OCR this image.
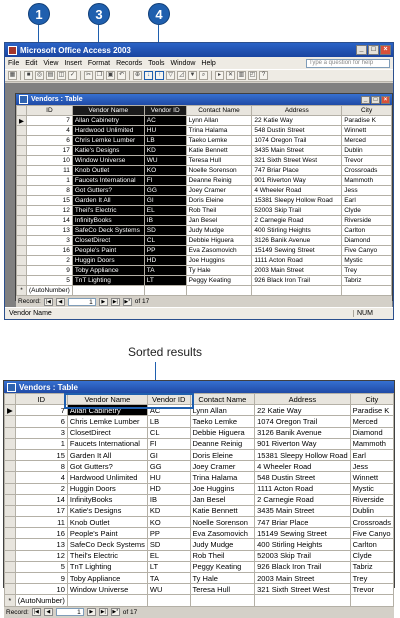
1	3	4
Microsoft Office Access 2003	_	□	×
File Edit View Insert Format Records Tools Window Help	Type a question for help
▦	■	◎ ▤ ◫ ✓	✂ ❐ ▣ ↶	⊕	↓	↑	▽	◿ ▼	⌕	▸	✕ ▥ ◰	?
Vendors : Table	_	□	×
	ID	Vendor Name	Vendor ID	Contact Name	Address	City
▶	7	Allan Cabinetry	AC	Lynn Allan	22 Katie Way	Paradise K
	4	Hardwood Unlimited	HU	Trina Halama	548 Dustin Street	Winnett
	6	Chris Lemke Lumber	LB	Taeko Lemke	1074 Oregon Trail	Merced
	17	Katie's Designs	KD	Katie Bennett	3435 Main Street	Dublin
	10	Window Universe	WU	Teresa Hull	321 Sixth Street West	Trevor
	11	Knob Outlet	KO	Noelle Sorenson	747 Briar Place	Crossroads
	1	Faucets International	FI	Deanne Reinig	901 Riverton Way	Mammoth
	8	Got Gutters?	GG	Joey Cramer	4 Wheeler Road	Jess
	15	Garden It All	GI	Doris Eleine	15381 Sleepy Hollow Road	Earl
	12	Theil's Electric	EL	Rob Theil	52003 Skip Trail	Clyde
	14	InfinityBooks	IB	Jan Besel	2 Carnegie Road	Riverside
	13	SafeCo Deck Systems	SD	Judy Mudge	400 Stirling Heights	Carlton
	3	ClosetDirect	CL	Debbie Higuera	3126 Banik Avenue	Diamond
	16	People's Paint	PP	Eva Zasomovich	15149 Sewing Street	Five Canyo
	2	Huggin Doors	HD	Joe Huggins	1111 Acton Road	Mystic
	9	Toby Appliance	TA	Ty Hale	2003 Main Street	Trey
	5	TnT Lighting	LT	Peggy Keating	926 Black Iron Trail	Tabriz
*	(AutoNumber)					
Record: |◀	◀	1	▶	▶|	▶* of 17
Vendor Name	NUM
Sorted results
Vendors : Table
	ID	Vendor Name	Vendor ID	Contact Name	Address	City
▶	7	Allan Cabinetry	AC	Lynn Allan	22 Katie Way	Paradise K
	6	Chris Lemke Lumber	LB	Taeko Lemke	1074 Oregon Trail	Merced
	3	ClosetDirect	CL	Debbie Higuera	3126 Banik Avenue	Diamond
	1	Faucets International	FI	Deanne Reinig	901 Riverton Way	Mammoth
	15	Garden It All	GI	Doris Eleine	15381 Sleepy Hollow Road	Earl
	8	Got Gutters?	GG	Joey Cramer	4 Wheeler Road	Jess
	4	Hardwood Unlimited	HU	Trina Halama	548 Dustin Street	Winnett
	2	Huggin Doors	HD	Joe Huggins	1111 Acton Road	Mystic
	14	InfinityBooks	IB	Jan Besel	2 Carnegie Road	Riverside
	17	Katie's Designs	KD	Katie Bennett	3435 Main Street	Dublin
	11	Knob Outlet	KO	Noelle Sorenson	747 Briar Place	Crossroads
	16	People's Paint	PP	Eva Zasomovich	15149 Sewing Street	Five Canyo
	13	SafeCo Deck Systems	SD	Judy Mudge	400 Stirling Heights	Carlton
	12	Theil's Electric	EL	Rob Theil	52003 Skip Trail	Clyde
	5	TnT Lighting	LT	Peggy Keating	926 Black Iron Trail	Tabriz
	9	Toby Appliance	TA	Ty Hale	2003 Main Street	Trey
	10	Window Universe	WU	Teresa Hull	321 Sixth Street West	Trevor
*	(AutoNumber)					
Record: |◀	◀	1	▶	▶|	▶* of 17
